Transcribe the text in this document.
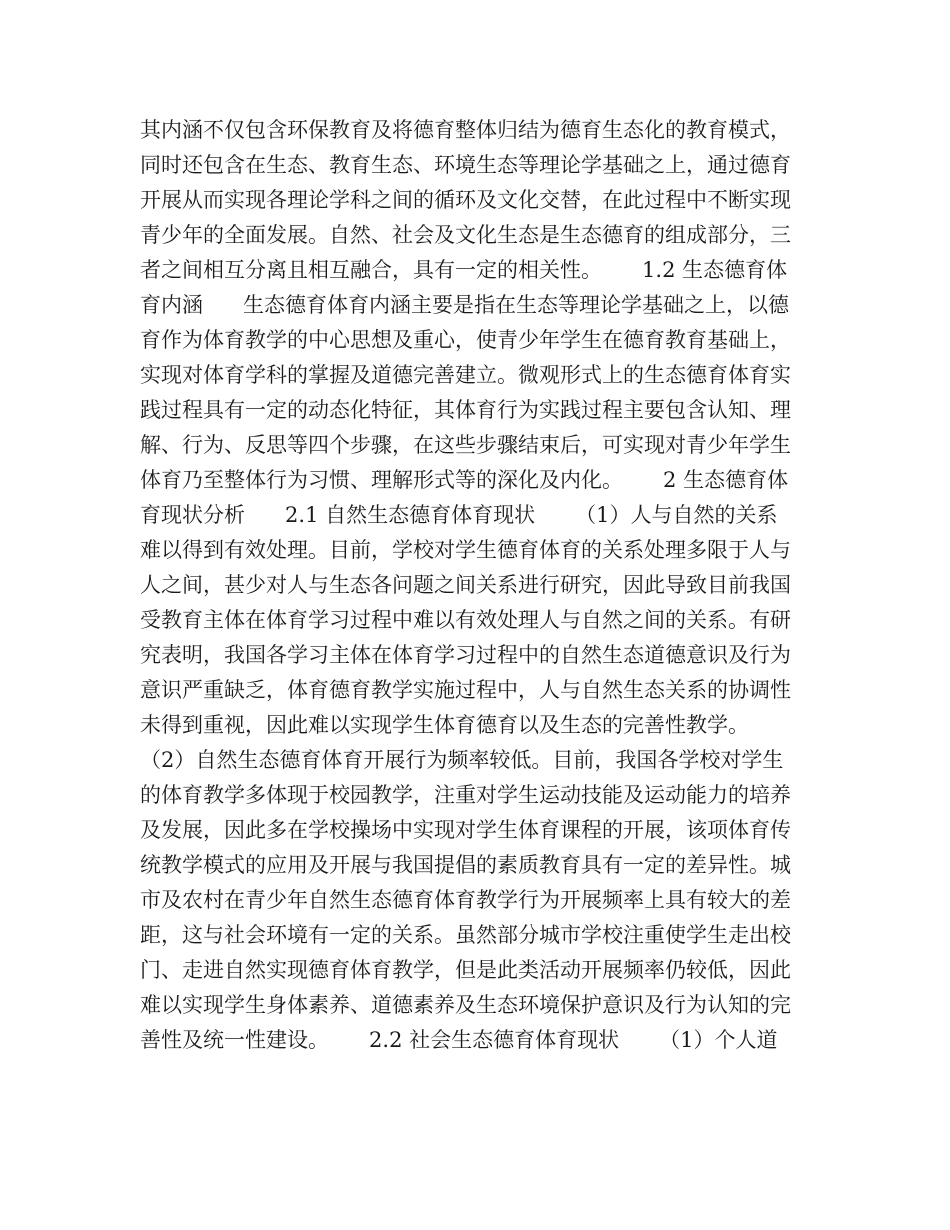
其内涵不仅包含环保教育及将德育整体归结为德育生态化的教育模式，
同时还包含在生态、教育生态、环境生态等理论学基础之上，通过德育
开展从而实现各理论学科之间的循环及文化交替，在此过程中不断实现
青少年的全面发展。自然、社会及文化生态是生态德育的组成部分，三
者之间相互分离且相互融合，具有一定的相关性。      1.2 生态德育体
育内涵      生态德育体育内涵主要是指在生态等理论学基础之上，以德
育作为体育教学的中心思想及重心，使青少年学生在德育教育基础上，
实现对体育学科的掌握及道德完善建立。微观形式上的生态德育体育实
践过程具有一定的动态化特征，其体育行为实践过程主要包含认知、理
解、行为、反思等四个步骤，在这些步骤结束后，可实现对青少年学生
体育乃至整体行为习惯、理解形式等的深化及内化。      2 生态德育体
育现状分析      2.1 自然生态德育体育现状      （1）人与自然的关系
难以得到有效处理。目前，学校对学生德育体育的关系处理多限于人与
人之间，甚少对人与生态各问题之间关系进行研究，因此导致目前我国
受教育主体在体育学习过程中难以有效处理人与自然之间的关系。有研
究表明，我国各学习主体在体育学习过程中的自然生态道德意识及行为
意识严重缺乏，体育德育教学实施过程中，人与自然生态关系的协调性
未得到重视，因此难以实现学生体育德育以及生态的完善性教学。
（2）自然生态德育体育开展行为频率较低。目前，我国各学校对学生
的体育教学多体现于校园教学，注重对学生运动技能及运动能力的培养
及发展，因此多在学校操场中实现对学生体育课程的开展，该项体育传
统教学模式的应用及开展与我国提倡的素质教育具有一定的差异性。城
市及农村在青少年自然生态德育体育教学行为开展频率上具有较大的差
距，这与社会环境有一定的关系。虽然部分城市学校注重使学生走出校
门、走进自然实现德育体育教学，但是此类活动开展频率仍较低，因此
难以实现学生身体素养、道德素养及生态环境保护意识及行为认知的完
善性及统一性建设。      2.2 社会生态德育体育现状      （1）个人道
